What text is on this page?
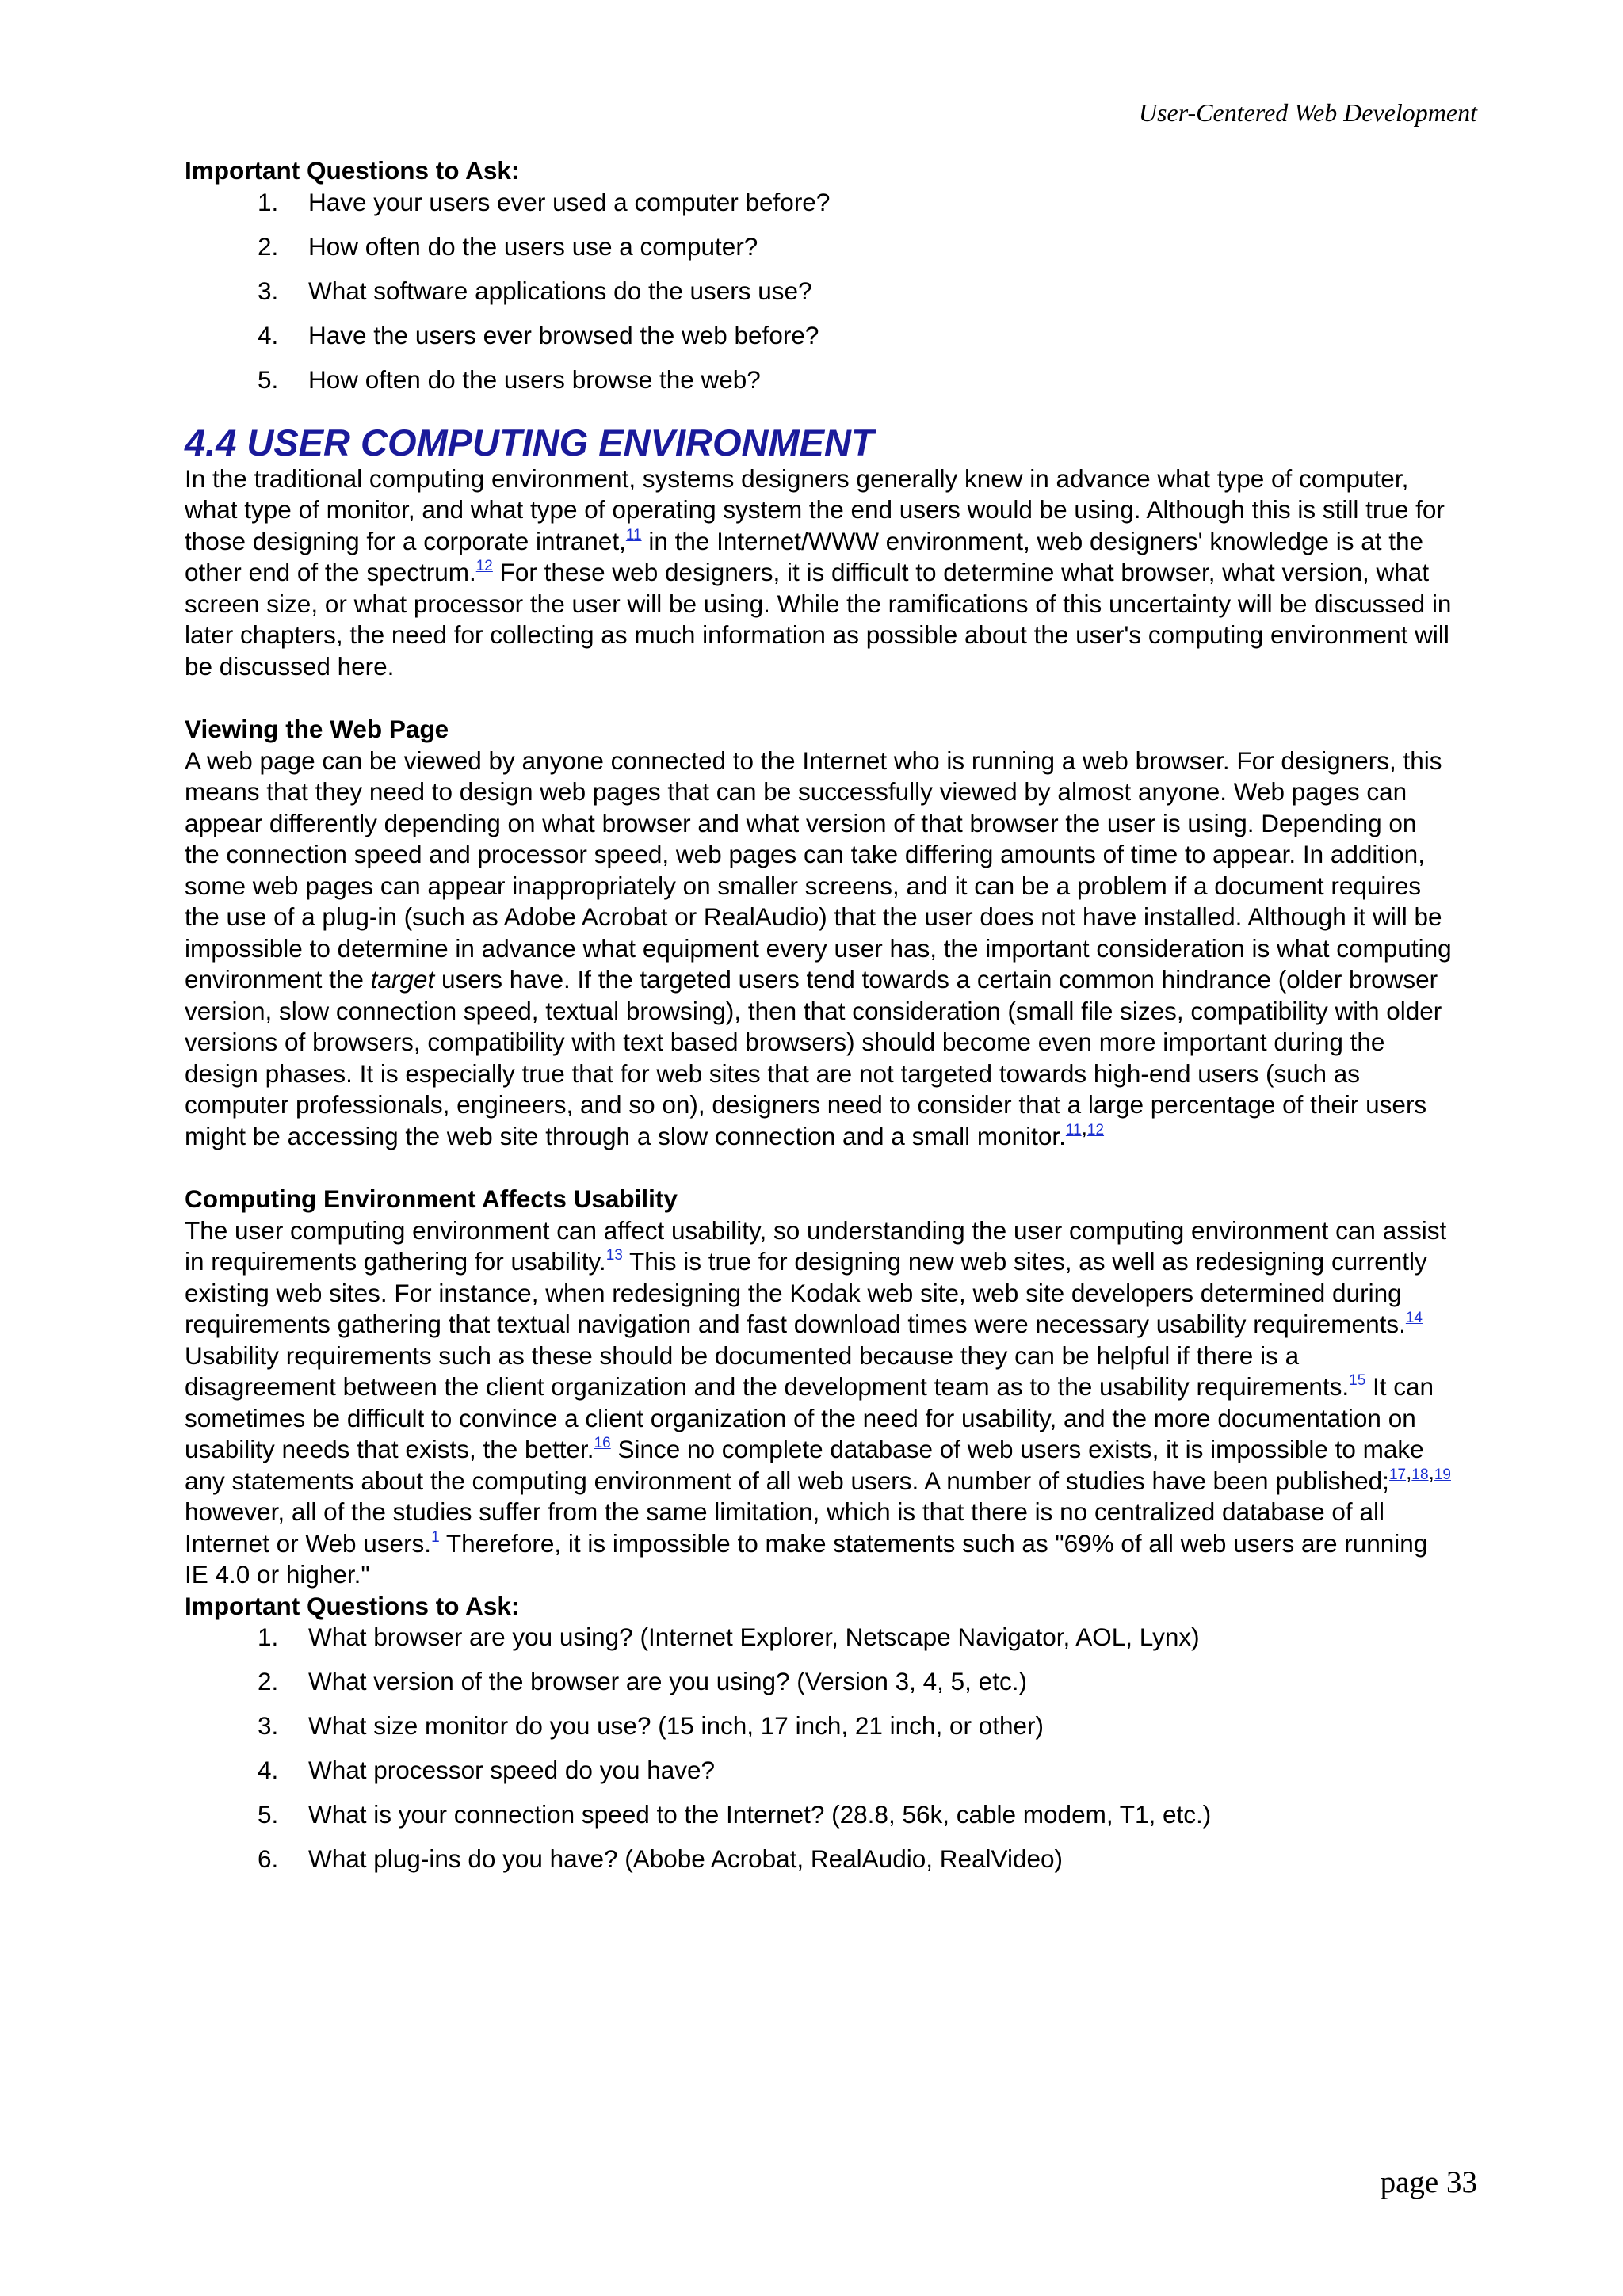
User-Centered Web Development

Important Questions to Ask:

1.	Have your users ever used a computer before?
2.	How often do the users use a computer?
3.	What software applications do the users use?
4.	Have the users ever browsed the web before?
5.	How often do the users browse the web?
4.4 USER COMPUTING ENVIRONMENT

In the traditional computing environment, systems designers generally knew in advance what type of computer, what type of monitor, and what type of operating system the end users would be using. Although this is still true for those designing for a corporate intranet,$^{11}$ in the Internet/WWW environment, web designers' knowledge is at the other end of the spectrum.$^{12}$ For these web designers, it is difficult to determine what browser, what version, what screen size, or what processor the user will be using. While the ramifications of this uncertainty will be discussed in later chapters, the need for collecting as much information as possible about the user's computing environment will be discussed here.

Viewing the Web Page

A web page can be viewed by anyone connected to the Internet who is running a web browser. For designers, this means that they need to design web pages that can be successfully viewed by almost anyone. Web pages can appear differently depending on what browser and what version of that browser the user is using. Depending on the connection speed and processor speed, web pages can take differing amounts of time to appear. In addition, some web pages can appear inappropriately on smaller screens, and it can be a problem if a document requires the use of a plug-in (such as Adobe Acrobat or RealAudio) that the user does not have installed. Although it will be impossible to determine in advance what equipment every user has, the important consideration is what computing environment the target users have. If the targeted users tend towards a certain common hindrance (older browser version, slow connection speed, textual browsing), then that consideration (small file sizes, compatibility with older versions of browsers, compatibility with text based browsers) should become even more important during the design phases. It is especially true that for web sites that are not targeted towards high-end users (such as computer professionals, engineers, and so on), designers need to consider that a large percentage of their users might be accessing the web site through a slow connection and a small monitor.$^{11,12}$

Computing Environment Affects Usability

The user computing environment can affect usability, so understanding the user computing environment can assist in requirements gathering for usability.$^{13}$ This is true for designing new web sites, as well as redesigning currently existing web sites. For instance, when redesigning the Kodak web site, web site developers determined during requirements gathering that textual navigation and fast download times were necessary usability requirements.$^{14}$ Usability requirements such as these should be documented because they can be helpful if there is a disagreement between the client organization and the development team as to the usability requirements.$^{15}$ It can sometimes be difficult to convince a client organization of the need for usability, and the more documentation on usability needs that exists, the better.$^{16}$ Since no complete database of web users exists, it is impossible to make any statements about the computing environment of all web users. A number of studies have been published;$^{17,18,19}$ however, all of the studies suffer from the same limitation, which is that there is no centralized database of all Internet or Web users.$^1$ Therefore, it is impossible to make statements such as "69% of all web users are running IE 4.0 or higher."

Important Questions to Ask:

1.	What browser are you using? (Internet Explorer, Netscape Navigator, AOL, Lynx)
2.	What version of the browser are you using? (Version 3, 4, 5, etc.)
3.	What size monitor do you use? (15 inch, 17 inch, 21 inch, or other)
4.	What processor speed do you have?
5.	What is your connection speed to the Internet? (28.8, 56k, cable modem, T1, etc.)
6.	What plug-ins do you have? (Abobe Acrobat, RealAudio, RealVideo)
page 33
